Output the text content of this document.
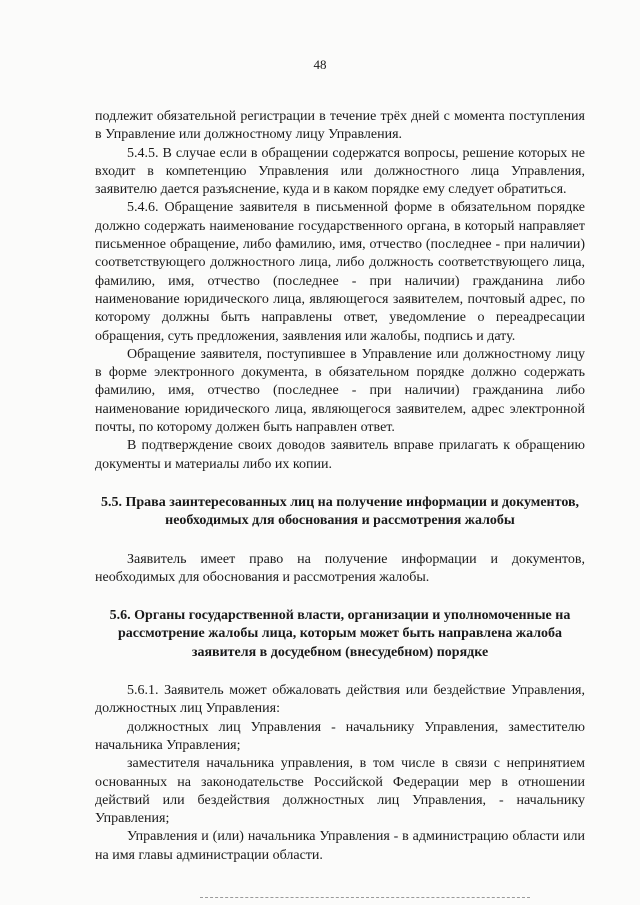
48

подлежит обязательной регистрации в течение трёх дней с момента поступления в Управление или должностному лицу Управления.

5.4.5. В случае если в обращении содержатся вопросы, решение которых не входит в компетенцию Управления или должностного лица Управления, заявителю дается разъяснение, куда и в каком порядке ему следует обратиться.

5.4.6. Обращение заявителя в письменной форме в обязательном порядке должно содержать наименование государственного органа, в который направляет письменное обращение, либо фамилию, имя, отчество (последнее - при наличии) соответствующего должностного лица, либо должность соответствующего лица, фамилию, имя, отчество (последнее - при наличии) гражданина либо наименование юридического лица, являющегося заявителем, почтовый адрес, по которому должны быть направлены ответ, уведомление о переадресации обращения, суть предложения, заявления или жалобы, подпись и дату.

Обращение заявителя, поступившее в Управление или должностному лицу в форме электронного документа, в обязательном порядке должно содержать фамилию, имя, отчество (последнее - при наличии) гражданина либо наименование юридического лица, являющегося заявителем, адрес электронной почты, по которому должен быть направлен ответ.

В подтверждение своих доводов заявитель вправе прилагать к обращению документы и материалы либо их копии.

5.5. Права заинтересованных лиц на получение информации и документов, необходимых для обоснования и рассмотрения жалобы

Заявитель имеет право на получение информации и документов, необходимых для обоснования и рассмотрения жалобы.

5.6. Органы государственной власти, организации и уполномоченные на рассмотрение жалобы лица, которым может быть направлена жалоба заявителя в досудебном (внесудебном) порядке

5.6.1. Заявитель может обжаловать действия или бездействие Управления, должностных лиц Управления:

должностных лиц Управления - начальнику Управления, заместителю начальника Управления;

заместителя начальника управления, в том числе в связи с непринятием основанных на законодательстве Российской Федерации мер в отношении действий или бездействия должностных лиц Управления, - начальнику Управления;

Управления и (или) начальника Управления - в администрацию области или на имя главы администрации области.
